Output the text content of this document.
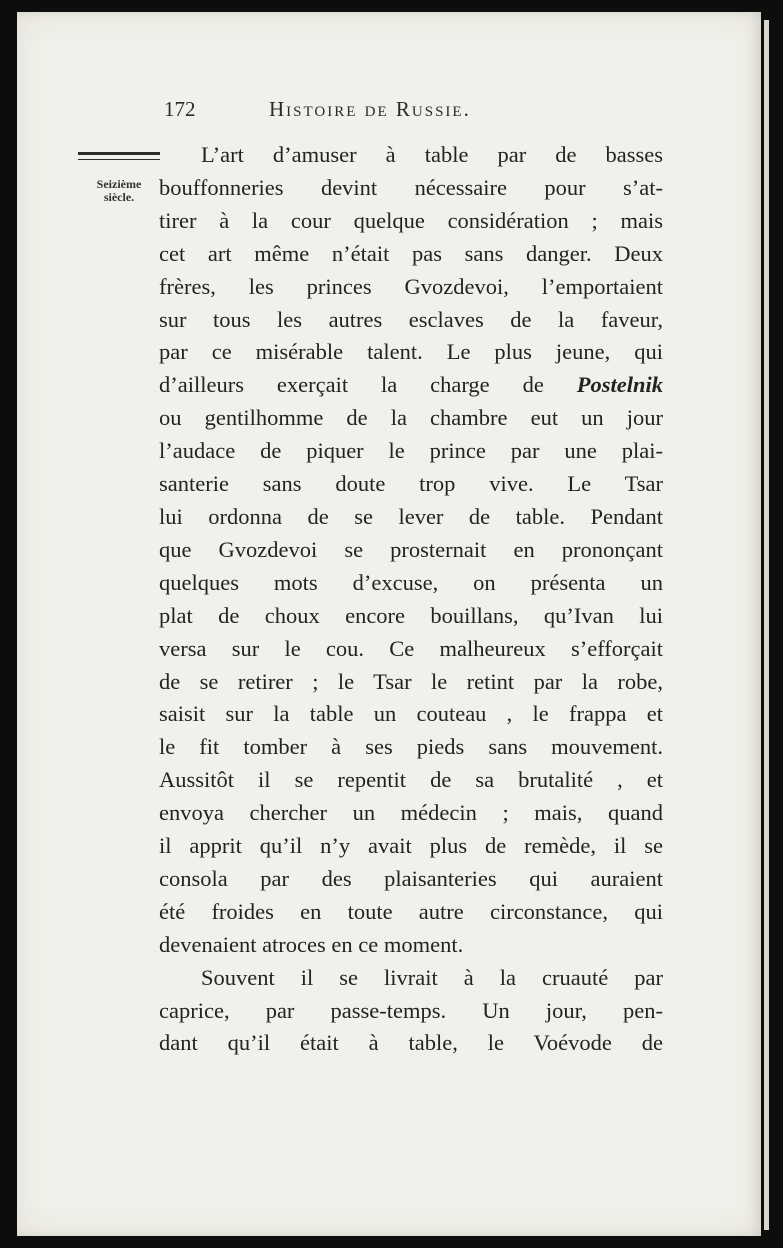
172	Histoire de Russie.
Seizième
siècle.
L’art d’amuser à table par de basses
bouffonneries devint nécessaire pour s’at-
tirer à la cour quelque considération ; mais
cet art même n’était pas sans danger. Deux
frères, les princes Gvozdevoi, l’emportaient
sur tous les autres esclaves de la faveur,
par ce misérable talent. Le plus jeune, qui
d’ailleurs exerçait la charge de Postelnik
ou gentilhomme de la chambre eut un jour
l’audace de piquer le prince par une plai-
santerie sans doute trop vive. Le Tsar
lui ordonna de se lever de table. Pendant
que Gvozdevoi se prosternait en prononçant
quelques mots d’excuse, on présenta un
plat de choux encore bouillans, qu’Ivan lui
versa sur le cou. Ce malheureux s’efforçait
de se retirer ; le Tsar le retint par la robe,
saisit sur la table un couteau , le frappa et
le fit tomber à ses pieds sans mouvement.
Aussitôt il se repentit de sa brutalité , et
envoya chercher un médecin ; mais, quand
il apprit qu’il n’y avait plus de remède, il se
consola par des plaisanteries qui auraient
été froides en toute autre circonstance, qui
devenaient atroces en ce moment.
Souvent il se livrait à la cruauté par
caprice, par passe-temps. Un jour, pen-
dant qu’il était à table, le Voévode de
